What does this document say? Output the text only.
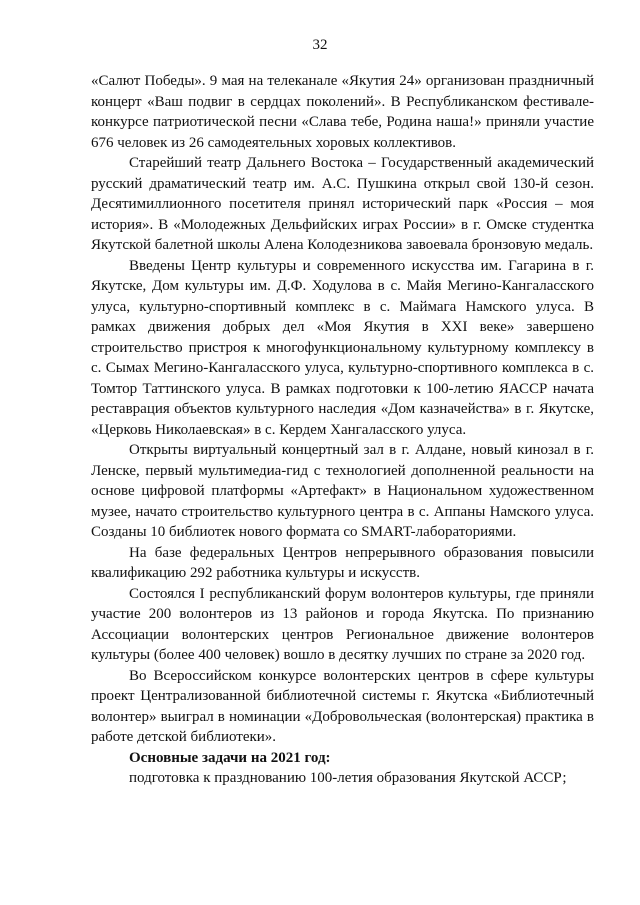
32

«Салют Победы». 9 мая на телеканале «Якутия 24» организован праздничный концерт «Ваш подвиг в сердцах поколений». В Республиканском фестивале-конкурсе патриотической песни «Слава тебе, Родина наша!» приняли участие 676 человек из 26 самодеятельных хоровых коллективов.

Старейший театр Дальнего Востока – Государственный академический русский драматический театр им. А.С. Пушкина открыл свой 130-й сезон. Десятимиллионного посетителя принял исторический парк «Россия – моя история». В «Молодежных Дельфийских играх России» в г. Омске студентка Якутской балетной школы Алена Колодезникова завоевала бронзовую медаль.

Введены Центр культуры и современного искусства им. Гагарина в г. Якутске, Дом культуры им. Д.Ф. Ходулова в с. Майя Мегино-Кангаласского улуса, культурно-спортивный комплекс в с. Маймага Намского улуса. В рамках движения добрых дел «Моя Якутия в XXI веке» завершено строительство пристроя к многофункциональному культурному комплексу в с. Сымах Мегино-Кангаласского улуса, культурно-спортивного комплекса в с. Томтор Таттинского улуса. В рамках подготовки к 100-летию ЯАССР начата реставрация объектов культурного наследия «Дом казначейства» в г. Якутске, «Церковь Николаевская» в с. Кердем Хангаласского улуса.

Открыты виртуальный концертный зал в г. Алдане, новый кинозал в г. Ленске, первый мультимедиа-гид с технологией дополненной реальности на основе цифровой платформы «Артефакт» в Национальном художественном музее, начато строительство культурного центра в с. Аппаны Намского улуса. Созданы 10 библиотек нового формата со SMART-лабораториями.

На базе федеральных Центров непрерывного образования повысили квалификацию 292 работника культуры и искусств.

Состоялся I республиканский форум волонтеров культуры, где приняли участие 200 волонтеров из 13 районов и города Якутска. По признанию Ассоциации волонтерских центров Региональное движение волонтеров культуры (более 400 человек) вошло в десятку лучших по стране за 2020 год.

Во Всероссийском конкурсе волонтерских центров в сфере культуры проект Централизованной библиотечной системы г. Якутска «Библиотечный волонтер» выиграл в номинации «Добровольческая (волонтерская) практика в работе детской библиотеки».

Основные задачи на 2021 год:

подготовка к празднованию 100-летия образования Якутской АССР;
